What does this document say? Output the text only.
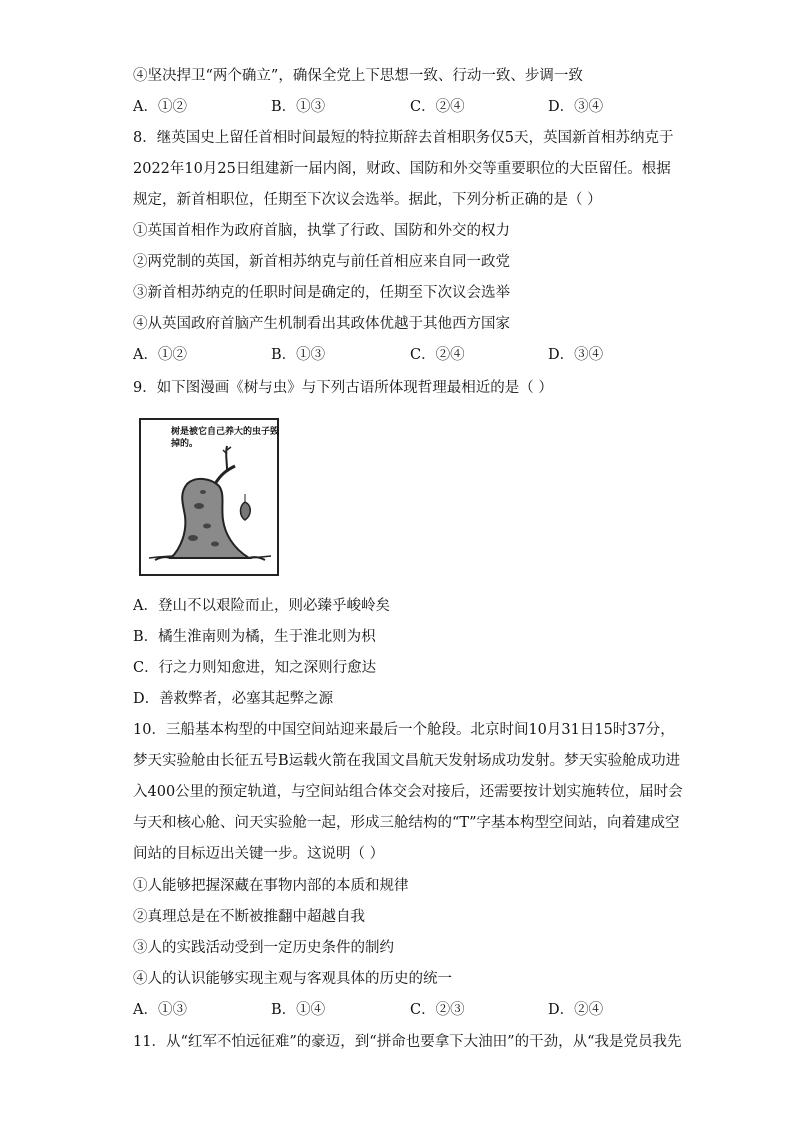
④坚决捍卫“两个确立”，确保全党上下思想一致、行动一致、步调一致
A．①②	B．①③	C．②④	D．③④
8．继英国史上留任首相时间最短的特拉斯辞去首相职务仅5天，英国新首相苏纳克于
2022年10月25日组建新一届内阁，财政、国防和外交等重要职位的大臣留任。根据
规定，新首相职位，任期至下次议会选举。据此，下列分析正确的是（ ）
①英国首相作为政府首脑，执掌了行政、国防和外交的权力
②两党制的英国，新首相苏纳克与前任首相应来自同一政党
③新首相苏纳克的任职时间是确定的，任期至下次议会选举
④从英国政府首脑产生机制看出其政体优越于其他西方国家
A．①②	B．①③	C．②④	D．③④
9．如下图漫画《树与虫》与下列古语所体现哲理最相近的是（ ）
树是被它自己养大的虫子毁掉的。
A．登山不以艰险而止，则必臻乎峻岭矣
B．橘生淮南则为橘，生于淮北则为枳
C．行之力则知愈进，知之深则行愈达
D．善救弊者，必塞其起弊之源
10．三船基本构型的中国空间站迎来最后一个舱段。北京时间10月31日15时37分，
梦天实验舱由长征五号B运载火箭在我国文昌航天发射场成功发射。梦天实验舱成功进
入400公里的预定轨道，与空间站组合体交会对接后，还需要按计划实施转位，届时会
与天和核心舱、问天实验舱一起，形成三舱结构的“T”字基本构型空间站，向着建成空
间站的目标迈出关键一步。这说明（ ）
①人能够把握深藏在事物内部的本质和规律
②真理总是在不断被推翻中超越自我
③人的实践活动受到一定历史条件的制约
④人的认识能够实现主观与客观具体的历史的统一
A．①③	B．①④	C．②③	D．②④
11．从“红军不怕远征难”的豪迈，到“拼命也要拿下大油田”的干劲，从“我是党员我先
